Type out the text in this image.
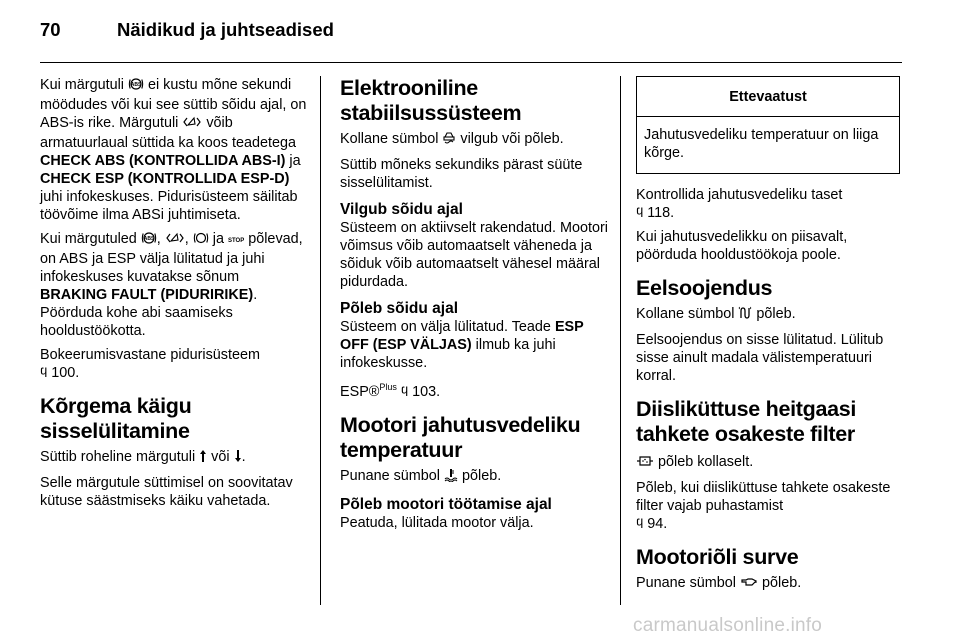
70	Näidikud ja juhtseadised

Kui märgutuli ABS ei kustu mõne sekundi möödudes või kui see süttib sõidu ajal, on ABS-is rike. Märgutuli  võib armatuurlaual süttida ka koos teadetega CHECK ABS (KONTROLLIDA ABS-I) ja CHECK ESP (KONTROLLIDA ESP-D) juhi infokeskuses. Pidurisüsteem säilitab töövõime ilma ABSi juhtimiseta.

Kui märgutuled ABS , ,  ja STOP põlevad, on ABS ja ESP välja lülitatud ja juhi infokeskuses kuvatakse sõnum BRAKING FAULT (PIDURIRIKE). Pöörduda kohe abi saamiseks hooldustöökotta.

Bokeerumisvastane pidurisüsteem
ϥ 100.

Kõrgema käigu sisselülitamine

Süttib roheline märgutuli  või .

Selle märgutule süttimisel on soovitatav kütuse säästmiseks käiku vahetada.

Elektrooniline stabiilsussüsteem

Kollane sümbol  vilgub või põleb.

Süttib mõneks sekundiks pärast süüte sisselülitamist.

Vilgub sõidu ajal

Süsteem on aktiivselt rakendatud. Mootori võimsus võib automaatselt väheneda ja sõiduk võib automaatselt vähesel määral pidurdada.

Põleb sõidu ajal

Süsteem on välja lülitatud. Teade ESP OFF (ESP VÄLJAS) ilmub ka juhi infokeskusse.

ESP®$^{Plus}$ ϥ 103.

Mootori jahutusvedeliku temperatuur

Punane sümbol  põleb.

Põleb mootori töötamise ajal

Peatuda, lülitada mootor välja.

Ettevaatust
Jahutusvedeliku temperatuur on liiga kõrge.

Kontrollida jahutusvedeliku taset
ϥ 118.

Kui jahutusvedelikku on piisavalt, pöörduda hooldustöökoja poole.

Eelsoojendus

Kollane sümbol  põleb.

Eelsoojendus on sisse lülitatud. Lülitub sisse ainult madala välistemperatuuri korral.

Diisliküttuse heitgaasi tahkete osakeste filter

põleb kollaselt.

Põleb, kui diisliküttuse tahkete osakeste filter vajab puhastamist
ϥ 94.

Mootoriõli surve

Punane sümbol  põleb.

carmanualsonline.info
